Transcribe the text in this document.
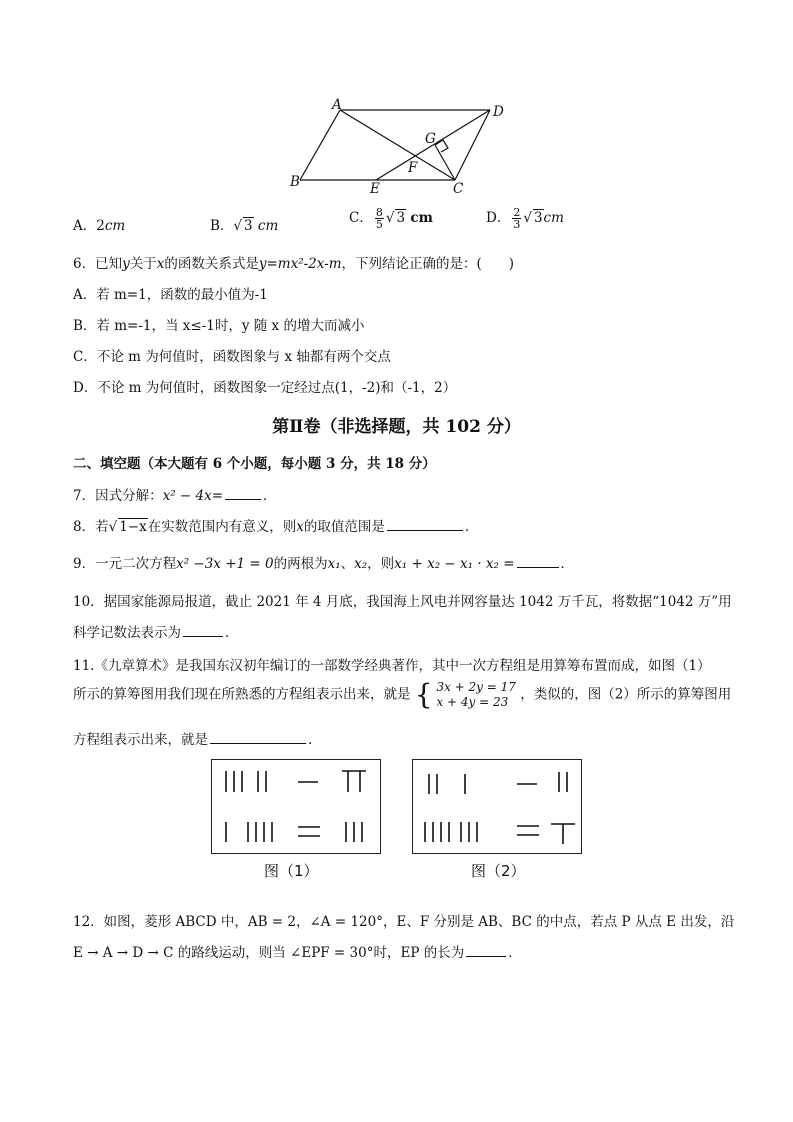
A	D
G
F
B	E	C
A．2cm	B．√ 3 cm	C． $\frac{8}{5}$ √ 3 cm	D． $\frac{2}{3}$ √ 3cm
6．已知y关于x的函数关系式是y=mx²-2x-m，下列结论正确的是：(　　)
A．若 m=1，函数的最小值为-1
B．若 m=-1，当 x≤-1时，y 随 x 的增大而减小
C．不论 m 为何值时，函数图象与 x 轴都有两个交点
D．不论 m 为何值时，函数图象一定经过点(1，-2)和（-1，2）
第Ⅱ卷（非选择题，共 102 分）
二、填空题（本大题有 6 个小题，每小题 3 分，共 18 分）
7．因式分解：x² − 4x=	．
8．若√ 1−x在实数范围内有意义，则x的取值范围是	．
9．一元二次方程x² −3x +1 = 0的两根为x₁、x₂，则x₁ + x₂ − x₁ · x₂ =	．
10．据国家能源局报道，截止 2021 年 4 月底，我国海上风电并网容量达 1042 万千瓦，将数据“1042 万”用
科学记数法表示为	．
11.《九章算术》是我国东汉初年编订的一部数学经典著作，其中一次方程组是用算筹布置而成，如图（1）
所示的算筹图用我们现在所熟悉的方程组表示出来，就是 { 3x + 2y = 17
x + 4y = 23 ，类似的，图（2）所示的算筹图用
方程组表示出来，就是	．
图（1）	图（2）
12．如图，菱形 ABCD 中，AB = 2，∠A = 120°，E、F 分别是 AB、BC 的中点，若点 P 从点 E 出发，沿
E → A → D → C 的路线运动，则当 ∠EPF = 30°时，EP 的长为	．
